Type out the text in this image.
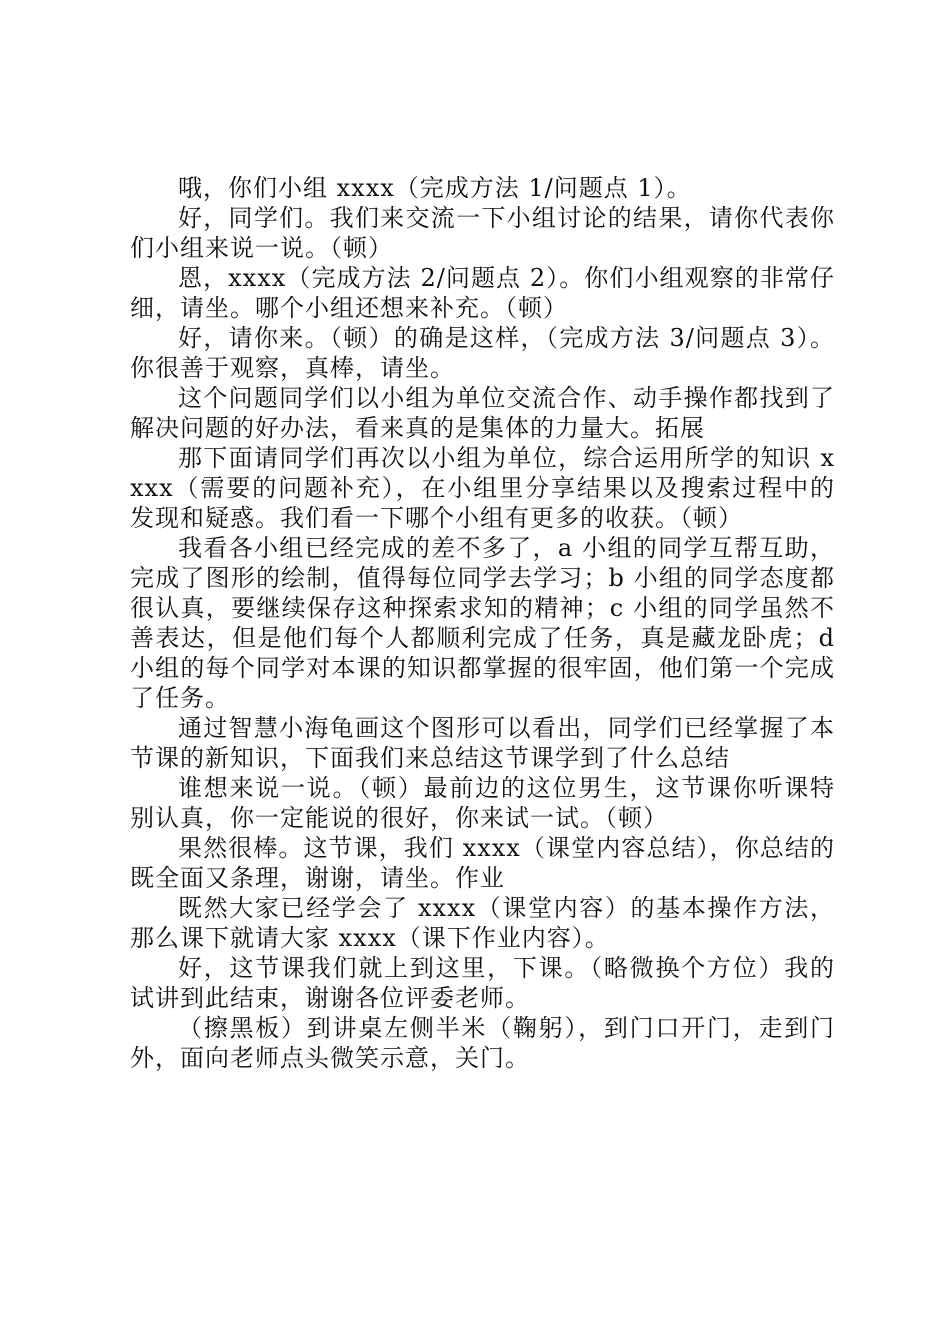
哦，你们小组 xxxx（完成方法 1/问题点 1）。

好，同学们。我们来交流一下小组讨论的结果，请你代表你们小组来说一说。（顿）

恩，xxxx（完成方法 2/问题点 2）。你们小组观察的非常仔细，请坐。哪个小组还想来补充。（顿）

好，请你来。（顿）的确是这样，（完成方法 3/问题点 3）。你很善于观察，真棒，请坐。

这个问题同学们以小组为单位交流合作、动手操作都找到了解决问题的好办法，看来真的是集体的力量大。拓展

那下面请同学们再次以小组为单位，综合运用所学的知识 xxxx（需要的问题补充），在小组里分享结果以及搜索过程中的发现和疑惑。我们看一下哪个小组有更多的收获。（顿）

我看各小组已经完成的差不多了，a 小组的同学互帮互助，完成了图形的绘制，值得每位同学去学习；b 小组的同学态度都很认真，要继续保存这种探索求知的精神；c 小组的同学虽然不善表达，但是他们每个人都顺利完成了任务，真是藏龙卧虎；d 小组的每个同学对本课的知识都掌握的很牢固，他们第一个完成了任务。

通过智慧小海龟画这个图形可以看出，同学们已经掌握了本节课的新知识，下面我们来总结这节课学到了什么总结

谁想来说一说。（顿）最前边的这位男生，这节课你听课特别认真，你一定能说的很好，你来试一试。（顿）

果然很棒。这节课，我们 xxxx（课堂内容总结），你总结的既全面又条理，谢谢，请坐。作业

既然大家已经学会了 xxxx（课堂内容）的基本操作方法，那么课下就请大家 xxxx（课下作业内容）。

好，这节课我们就上到这里，下课。（略微换个方位）我的试讲到此结束，谢谢各位评委老师。

（擦黑板）到讲桌左侧半米（鞠躬），到门口开门，走到门外，面向老师点头微笑示意，关门。
